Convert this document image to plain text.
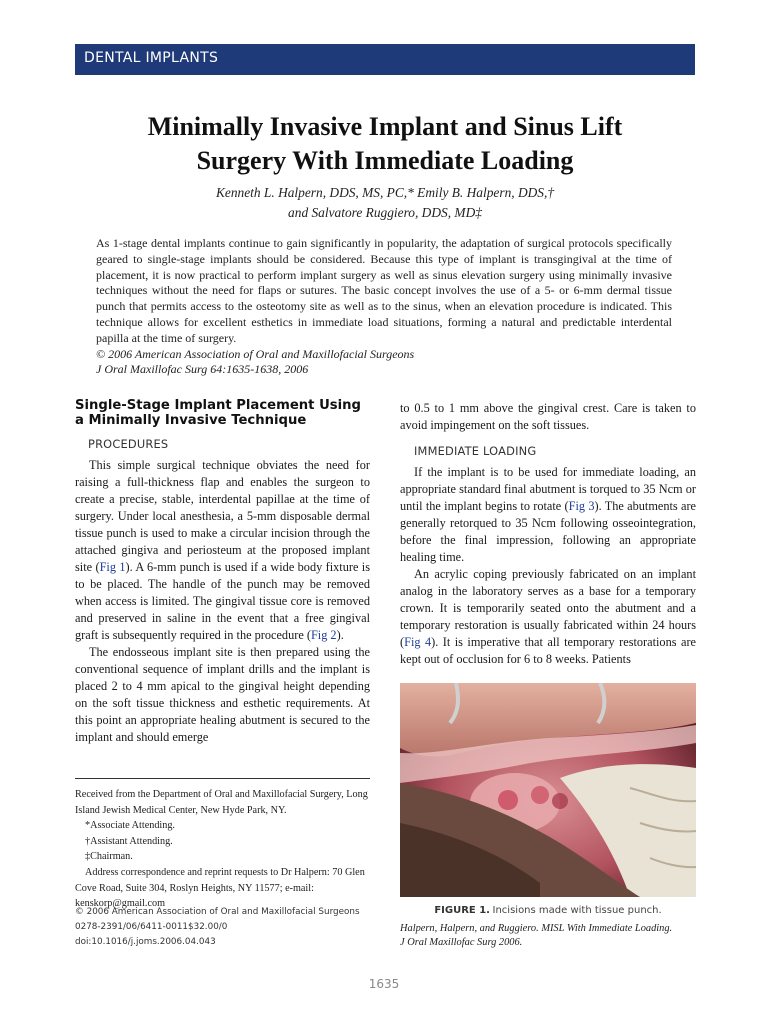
DENTAL IMPLANTS
Minimally Invasive Implant and Sinus Lift
Surgery With Immediate Loading
Kenneth L. Halpern, DDS, MS, PC,* Emily B. Halpern, DDS,†
and Salvatore Ruggiero, DDS, MD‡

As 1-stage dental implants continue to gain significantly in popularity, the adaptation of surgical protocols specifically geared to single-stage implants should be considered. Because this type of implant is transgingival at the time of placement, it is now practical to perform implant surgery as well as sinus elevation surgery using minimally invasive techniques without the need for flaps or sutures. The basic concept involves the use of a 5- or 6-mm dermal tissue punch that permits access to the osteotomy site as well as to the sinus, when an elevation procedure is indicated. This technique allows for excellent esthetics in immediate load situations, forming a natural and predictable interdental papilla at the time of surgery.

© 2006 American Association of Oral and Maxillofacial Surgeons

J Oral Maxillofac Surg 64:1635-1638, 2006

Single-Stage Implant Placement Using
a Minimally Invasive Technique
PROCEDURES

This simple surgical technique obviates the need for raising a full-thickness flap and enables the surgeon to create a precise, stable, interdental papillae at the time of surgery. Under local anesthesia, a 5-mm disposable dermal tissue punch is used to make a circular incision through the attached gingiva and periosteum at the proposed implant site (Fig 1). A 6-mm punch is used if a wide body fixture is to be placed. The handle of the punch may be removed when access is limited. The gingival tissue core is removed and preserved in saline in the event that a free gingival graft is subsequently required in the procedure (Fig 2).

The endosseous implant site is then prepared using the conventional sequence of implant drills and the implant is placed 2 to 4 mm apical to the gingival height depending on the soft tissue thickness and esthetic requirements. At this point an appropriate healing abutment is secured to the implant and should emerge

Received from the Department of Oral and Maxillofacial Surgery, Long Island Jewish Medical Center, New Hyde Park, NY.

*Associate Attending.

†Assistant Attending.

‡Chairman.

Address correspondence and reprint requests to Dr Halpern: 70 Glen Cove Road, Suite 304, Roslyn Heights, NY 11577; e-mail: kenskorp@gmail.com

© 2006 American Association of Oral and Maxillofacial Surgeons
0278-2391/06/6411-0011$32.00/0
doi:10.1016/j.joms.2006.04.043

to 0.5 to 1 mm above the gingival crest. Care is taken to avoid impingement on the soft tissues.

IMMEDIATE LOADING

If the implant is to be used for immediate loading, an appropriate standard final abutment is torqued to 35 Ncm or until the implant begins to rotate (Fig 3). The abutments are generally retorqued to 35 Ncm following osseointegration, before the final impression, following an appropriate healing time.

An acrylic coping previously fabricated on an implant analog in the laboratory serves as a base for a temporary crown. It is temporarily seated onto the abutment and a temporary restoration is usually fabricated within 24 hours (Fig 4). It is imperative that all temporary restorations are kept out of occlusion for 6 to 8 weeks. Patients

FIGURE 1. Incisions made with tissue punch.
Halpern, Halpern, and Ruggiero. MISL With Immediate Loading.
J Oral Maxillofac Surg 2006.
1635
